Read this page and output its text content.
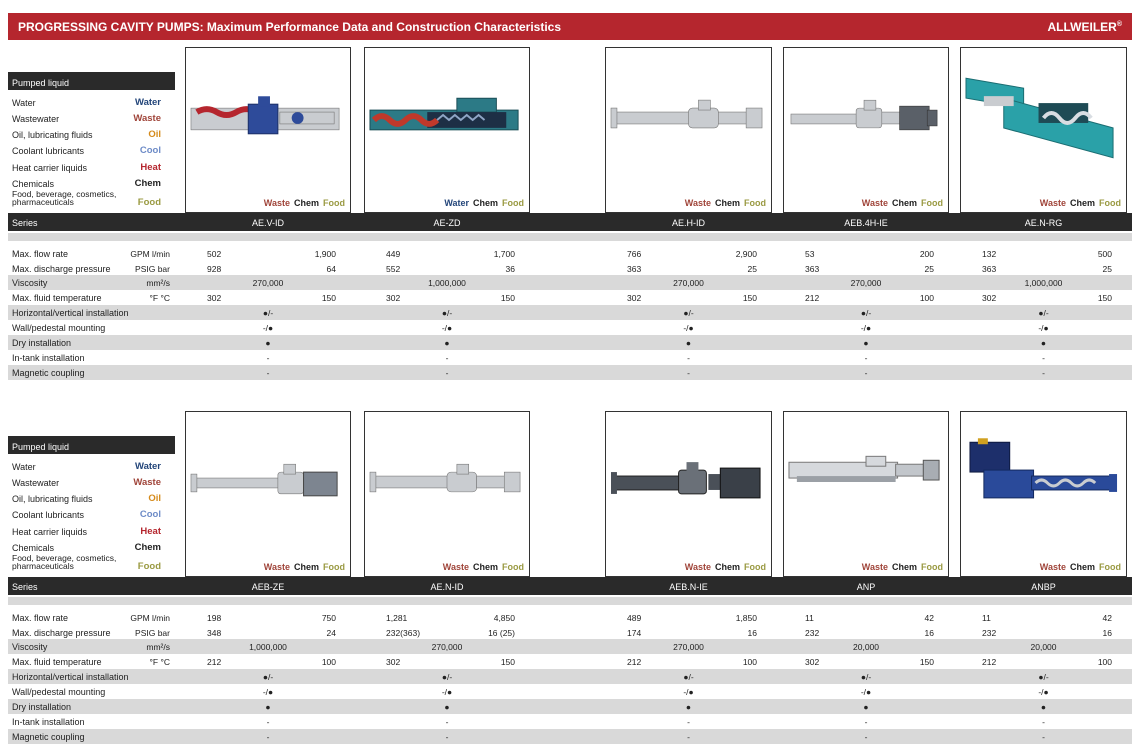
PROGRESSING CAVITY PUMPS: Maximum Performance Data and Construction Characteristics	ALLWEILER®
Pumped liquid
Water	Water
Wastewater	Waste
Oil, lubricating fluids	Oil
Coolant lubricants	Cool
Heat carrier liquids	Heat
Chemicals	Chem
Food, beverage, cosmetics, pharmaceuticals	Food	Waste Chem Food	Water Chem Food	Waste Chem Food	Waste Chem Food	Waste Chem Food
Series	AE.V-ID	AE-ZD	AE.H-ID	AEB.4H-IE	AE.N-RG
Max. flow rate	GPM l/min	502	1,900	449	1,700	766	2,900	53	200	132	500
Max. discharge pressure	PSIG bar	928	64	552	36	363	25	363	25	363	25
Viscosity	mm²/s	270,000	1,000,000	270,000	270,000	1,000,000
Max. fluid temperature	°F °C	302	150	302	150	302	150	212	100	302	150
Horizontal/vertical installation	●/-	●/-	●/-	●/-	●/-
Wall/pedestal mounting	-/●	-/●	-/●	-/●	-/●
Dry installation	●	●	●	●	●
In-tank installation	-	-	-	-	-
Magnetic coupling	-	-	-	-	-
Pumped liquid
Water	Water
Wastewater	Waste
Oil, lubricating fluids	Oil
Coolant lubricants	Cool
Heat carrier liquids	Heat
Chemicals	Chem
Food, beverage, cosmetics, pharmaceuticals	Food	Waste Chem Food	Waste Chem Food	Waste Chem Food	Waste Chem Food	Waste Chem Food
Series	AEB-ZE	AE.N-ID	AEB.N-IE	ANP	ANBP
Max. flow rate	GPM l/min	198	750	1,281	4,850	489	1,850	11	42	11	42
Max. discharge pressure	PSIG bar	348	24	232(363)	16 (25)	174	16	232	16	232	16
Viscosity	mm²/s	1,000,000	270,000	270,000	20,000	20,000
Max. fluid temperature	°F °C	212	100	302	150	212	100	302	150	212	100
Horizontal/vertical installation	●/-	●/-	●/-	●/-	●/-
Wall/pedestal mounting	-/●	-/●	-/●	-/●	-/●
Dry installation	●	●	●	●	●
In-tank installation	-	-	-	-	-
Magnetic coupling	-	-	-	-	-
